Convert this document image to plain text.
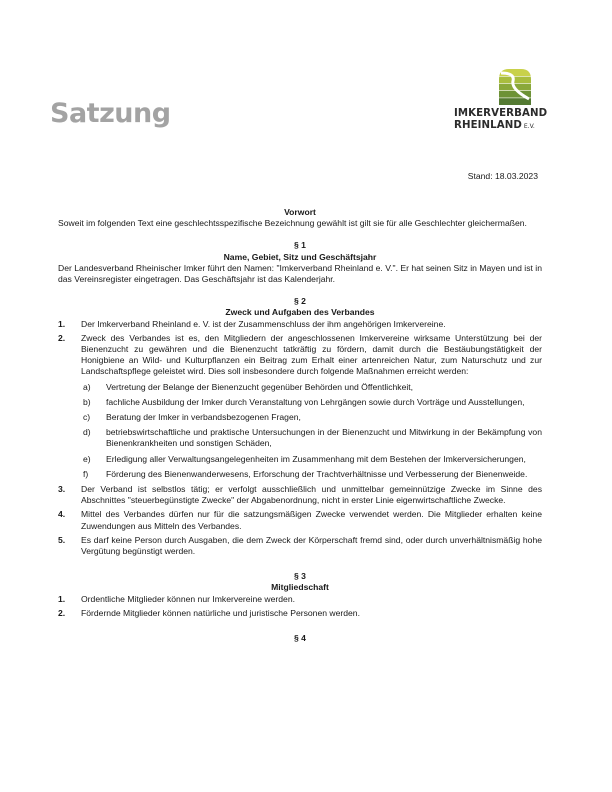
Satzung	IMKERVERBAND
RHEINLAND E.V.
Stand: 18.03.2023
Vorwort
Soweit im folgenden Text eine geschlechtsspezifische Bezeichnung gewählt ist gilt sie für alle Geschlechter gleichermaßen.
§ 1
Name, Gebiet, Sitz und Geschäftsjahr
Der Landesverband Rheinischer Imker führt den Namen: "Imkerverband Rheinland e. V.". Er hat seinen Sitz in Mayen und ist in das Vereinsregister eingetragen. Das Geschäftsjahr ist das Kalenderjahr.
§ 2
Zweck und Aufgaben des Verbandes
1. Der Imkerverband Rheinland e. V. ist der Zusammenschluss der ihm angehörigen Imkervereine.
2. Zweck des Verbandes ist es, den Mitgliedern der angeschlossenen Imkervereine wirksame Unterstützung bei der Bienenzucht zu gewähren und die Bienenzucht tatkräftig zu fördern, damit durch die Bestäubungstätigkeit der Honigbiene an Wild- und Kulturpflanzen ein Beitrag zum Erhalt einer artenreichen Natur, zum Naturschutz und zur Landschaftspflege geleistet wird. Dies soll insbesondere durch folgende Maßnahmen erreicht werden:
a) Vertretung der Belange der Bienenzucht gegenüber Behörden und Öffentlichkeit,
b) fachliche Ausbildung der Imker durch Veranstaltung von Lehrgängen sowie durch Vorträge und Ausstellungen,
c) Beratung der Imker in verbandsbezogenen Fragen,
d) betriebswirtschaftliche und praktische Untersuchungen in der Bienenzucht und Mitwirkung in der Bekämpfung von Bienenkrankheiten und sonstigen Schäden,
e) Erledigung aller Verwaltungsangelegenheiten im Zusammenhang mit dem Bestehen der Imkerversicherungen,
f) Förderung des Bienenwanderwesens, Erforschung der Trachtverhältnisse und Verbesserung der Bienenweide.
3. Der Verband ist selbstlos tätig; er verfolgt ausschließlich und unmittelbar gemeinnützige Zwecke im Sinne des Abschnittes "steuerbegünstigte Zwecke" der Abgabenordnung, nicht in erster Linie eigenwirtschaftliche Zwecke.
4. Mittel des Verbandes dürfen nur für die satzungsmäßigen Zwecke verwendet werden. Die Mitglieder erhalten keine Zuwendungen aus Mitteln des Verbandes.
5. Es darf keine Person durch Ausgaben, die dem Zweck der Körperschaft fremd sind, oder durch unverhältnismäßig hohe Vergütung begünstigt werden.
§ 3
Mitgliedschaft
1. Ordentliche Mitglieder können nur Imkervereine werden.
2. Fördernde Mitglieder können natürliche und juristische Personen werden.
§ 4
